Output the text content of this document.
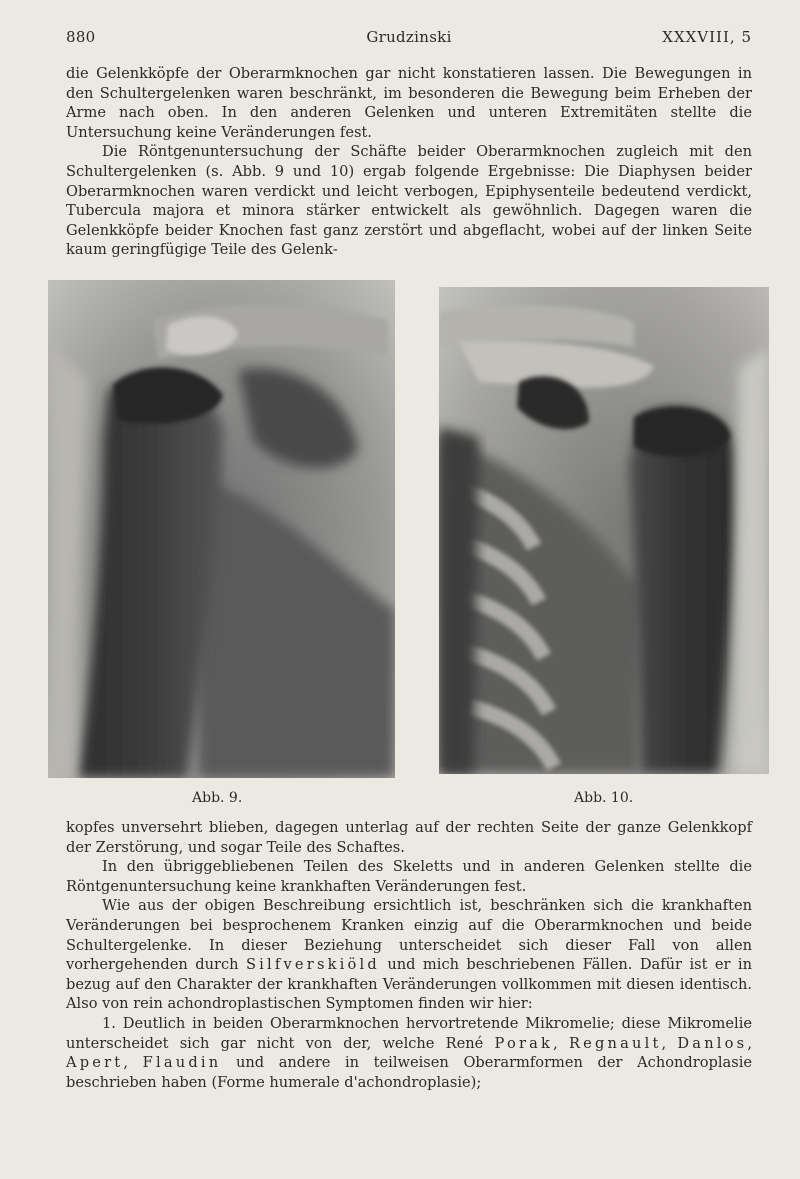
880	Grudzinski	XXXVIII, 5

die Gelenkköpfe der Oberarmknochen gar nicht konstatieren lassen. Die Bewegungen in den Schultergelenken waren beschränkt, im besonderen die Bewegung beim Erheben der Arme nach oben. In den anderen Gelenken und unteren Extremitäten stellte die Untersuchung keine Veränderungen fest.

Die Röntgenuntersuchung der Schäfte beider Oberarmknochen zugleich mit den Schultergelenken (s. Abb. 9 und 10) ergab folgende Ergebnisse: Die Diaphysen beider Oberarmknochen waren verdickt und leicht verbogen, Epiphysenteile bedeutend verdickt, Tubercula majora et minora stärker entwickelt als gewöhnlich. Dagegen waren die Gelenkköpfe beider Knochen fast ganz zerstört und abgeflacht, wobei auf der linken Seite kaum geringfügige Teile des Gelenk-

Abb. 9.	Abb. 10.

kopfes unversehrt blieben, dagegen unterlag auf der rechten Seite der ganze Gelenkkopf der Zerstörung, und sogar Teile des Schaftes.

In den übriggebliebenen Teilen des Skeletts und in anderen Gelenken stellte die Röntgenuntersuchung keine krankhaften Veränderungen fest.

Wie aus der obigen Beschreibung ersichtlich ist, beschränken sich die krankhaften Veränderungen bei besprochenem Kranken einzig auf die Oberarmknochen und beide Schultergelenke. In dieser Beziehung unterscheidet sich dieser Fall von allen vorhergehenden durch Silfverskiöld und mich beschriebenen Fällen. Dafür ist er in bezug auf den Charakter der krankhaften Veränderungen vollkommen mit diesen identisch. Also von rein achondroplastischen Symptomen finden wir hier:

1. Deutlich in beiden Oberarmknochen hervortretende Mikromelie; diese Mikromelie unterscheidet sich gar nicht von der, welche René Porak, Regnault, Danlos, Apert, Flaudin und andere in teilweisen Oberarmformen der Achondroplasie beschrieben haben (Forme humerale d'achondroplasie);
